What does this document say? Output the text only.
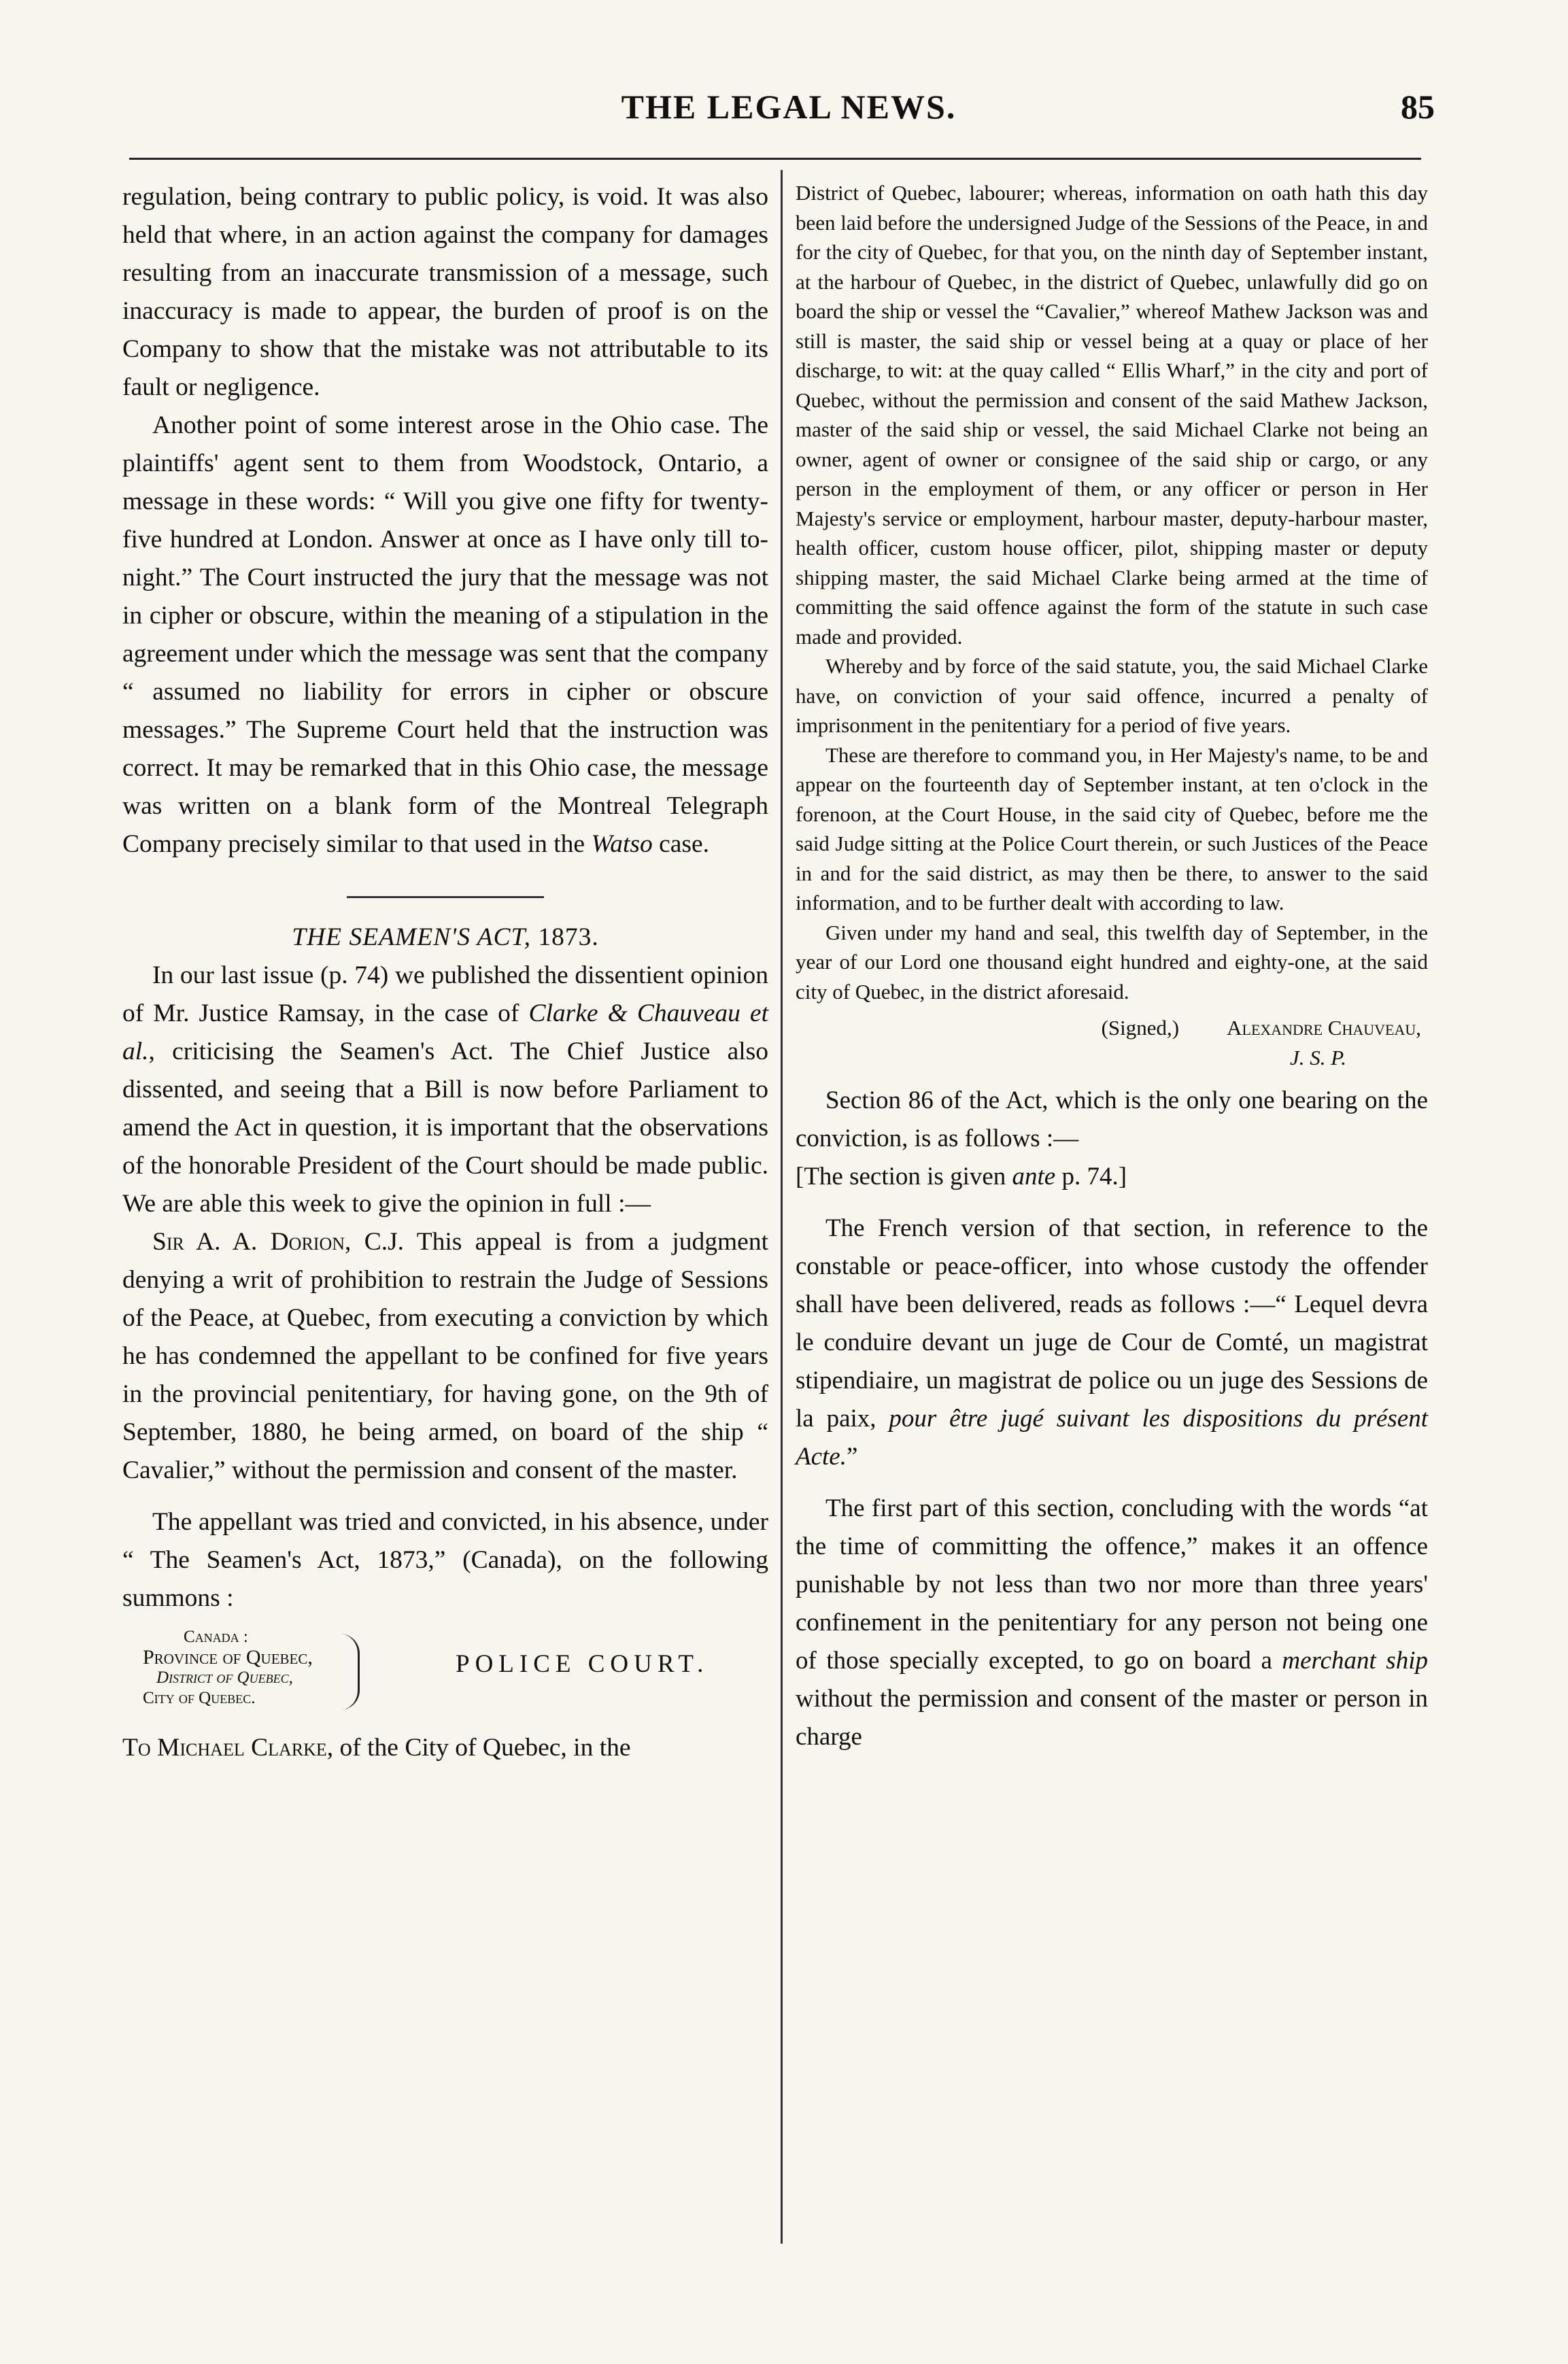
THE LEGAL NEWS.	85

regulation, being contrary to public policy, is void. It was also held that where, in an action against the company for damages resulting from an inaccurate transmission of a message, such inaccuracy is made to appear, the burden of proof is on the Company to show that the mistake was not attributable to its fault or negligence.

Another point of some interest arose in the Ohio case. The plaintiffs' agent sent to them from Woodstock, Ontario, a message in these words: “ Will you give one fifty for twenty-five hundred at London. Answer at once as I have only till to-night.” The Court instructed the jury that the message was not in cipher or obscure, within the meaning of a stipulation in the agreement under which the message was sent that the company “ assumed no liability for errors in cipher or obscure messages.” The Supreme Court held that the instruction was correct. It may be remarked that in this Ohio case, the message was written on a blank form of the Montreal Telegraph Company precisely similar to that used in the Watso case.

THE SEAMEN'S ACT, 1873.

In our last issue (p. 74) we published the dissentient opinion of Mr. Justice Ramsay, in the case of Clarke & Chauveau et al., criticising the Seamen's Act. The Chief Justice also dissented, and seeing that a Bill is now before Parliament to amend the Act in question, it is important that the observations of the honorable President of the Court should be made public. We are able this week to give the opinion in full :—

Sir A. A. Dorion, C.J. This appeal is from a judgment denying a writ of prohibition to restrain the Judge of Sessions of the Peace, at Quebec, from executing a conviction by which he has condemned the appellant to be confined for five years in the provincial penitentiary, for having gone, on the 9th of September, 1880, he being armed, on board of the ship “ Cavalier,” without the permission and consent of the master.

The appellant was tried and convicted, in his absence, under “ The Seamen's Act, 1873,” (Canada), on the following summons :

Canada :
Province of Quebec,
District of Quebec,
City of Quebec.
POLICE COURT.

To Michael Clarke, of the City of Quebec, in the

District of Quebec, labourer; whereas, information on oath hath this day been laid before the undersigned Judge of the Sessions of the Peace, in and for the city of Quebec, for that you, on the ninth day of September instant, at the harbour of Quebec, in the district of Quebec, unlawfully did go on board the ship or vessel the “Cavalier,” whereof Mathew Jackson was and still is master, the said ship or vessel being at a quay or place of her discharge, to wit: at the quay called “ Ellis Wharf,” in the city and port of Quebec, without the permission and consent of the said Mathew Jackson, master of the said ship or vessel, the said Michael Clarke not being an owner, agent of owner or consignee of the said ship or cargo, or any person in the employment of them, or any officer or person in Her Majesty's service or employment, harbour master, deputy-harbour master, health officer, custom house officer, pilot, shipping master or deputy shipping master, the said Michael Clarke being armed at the time of committing the said offence against the form of the statute in such case made and provided.

Whereby and by force of the said statute, you, the said Michael Clarke have, on conviction of your said offence, incurred a penalty of imprisonment in the penitentiary for a period of five years.

These are therefore to command you, in Her Majesty's name, to be and appear on the fourteenth day of September instant, at ten o'clock in the forenoon, at the Court House, in the said city of Quebec, before me the said Judge sitting at the Police Court therein, or such Justices of the Peace in and for the said district, as may then be there, to answer to the said information, and to be further dealt with according to law.

Given under my hand and seal, this twelfth day of September, in the year of our Lord one thousand eight hundred and eighty-one, at the said city of Quebec, in the district aforesaid.

(Signed,) Alexandre Chauveau,

J. S. P.

Section 86 of the Act, which is the only one bearing on the conviction, is as follows :—

[The section is given ante p. 74.]

The French version of that section, in reference to the constable or peace-officer, into whose custody the offender shall have been delivered, reads as follows :—“ Lequel devra le conduire devant un juge de Cour de Comté, un magistrat stipendiaire, un magistrat de police ou un juge des Sessions de la paix, pour être jugé suivant les dispositions du présent Acte.”

The first part of this section, concluding with the words “at the time of committing the offence,” makes it an offence punishable by not less than two nor more than three years' confinement in the penitentiary for any person not being one of those specially excepted, to go on board a merchant ship without the permission and consent of the master or person in charge
